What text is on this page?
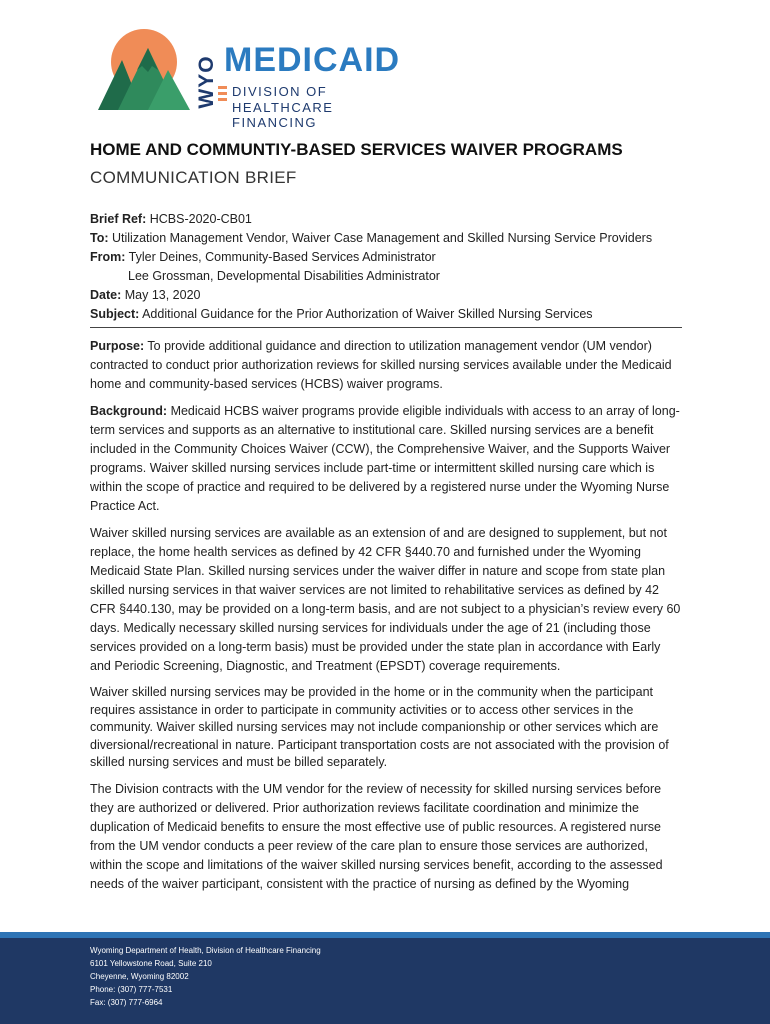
WYO MEDICAID
DIVISION OF
HEALTHCARE FINANCING
HOME AND COMMUNTIY-BASED SERVICES WAIVER PROGRAMS
COMMUNICATION BRIEF
Brief Ref: HCBS-2020-CB01
To: Utilization Management Vendor, Waiver Case Management and Skilled Nursing Service Providers
From: Tyler Deines, Community-Based Services Administrator
Lee Grossman, Developmental Disabilities Administrator
Date: May 13, 2020
Subject: Additional Guidance for the Prior Authorization of Waiver Skilled Nursing Services

Purpose: To provide additional guidance and direction to utilization management vendor (UM vendor) contracted to conduct prior authorization reviews for skilled nursing services available under the Medicaid home and community-based services (HCBS) waiver programs.

Background: Medicaid HCBS waiver programs provide eligible individuals with access to an array of long-term services and supports as an alternative to institutional care. Skilled nursing services are a benefit included in the Community Choices Waiver (CCW), the Comprehensive Waiver, and the Supports Waiver programs. Waiver skilled nursing services include part-time or intermittent skilled nursing care which is within the scope of practice and required to be delivered by a registered nurse under the Wyoming Nurse Practice Act.

Waiver skilled nursing services are available as an extension of and are designed to supplement, but not replace, the home health services as defined by 42 CFR §440.70 and furnished under the Wyoming Medicaid State Plan. Skilled nursing services under the waiver differ in nature and scope from state plan skilled nursing services in that waiver services are not limited to rehabilitative services as defined by 42 CFR §440.130, may be provided on a long-term basis, and are not subject to a physician’s review every 60 days. Medically necessary skilled nursing services for individuals under the age of 21 (including those services provided on a long-term basis) must be provided under the state plan in accordance with Early and Periodic Screening, Diagnostic, and Treatment (EPSDT) coverage requirements.

Waiver skilled nursing services may be provided in the home or in the community when the participant requires assistance in order to participate in community activities or to access other services in the community. Waiver skilled nursing services may not include companionship or other services which are diversional/recreational in nature. Participant transportation costs are not associated with the provision of skilled nursing services and must be billed separately.

The Division contracts with the UM vendor for the review of necessity for skilled nursing services before they are authorized or delivered. Prior authorization reviews facilitate coordination and minimize the duplication of Medicaid benefits to ensure the most effective use of public resources. A registered nurse from the UM vendor conducts a peer review of the care plan to ensure those services are authorized, within the scope and limitations of the waiver skilled nursing services benefit, according to the assessed needs of the waiver participant, consistent with the practice of nursing as defined by the Wyoming

Wyoming Department of Health, Division of Healthcare Financing
6101 Yellowstone Road, Suite 210
Cheyenne, Wyoming 82002
Phone: (307) 777-7531
Fax: (307) 777-6964
